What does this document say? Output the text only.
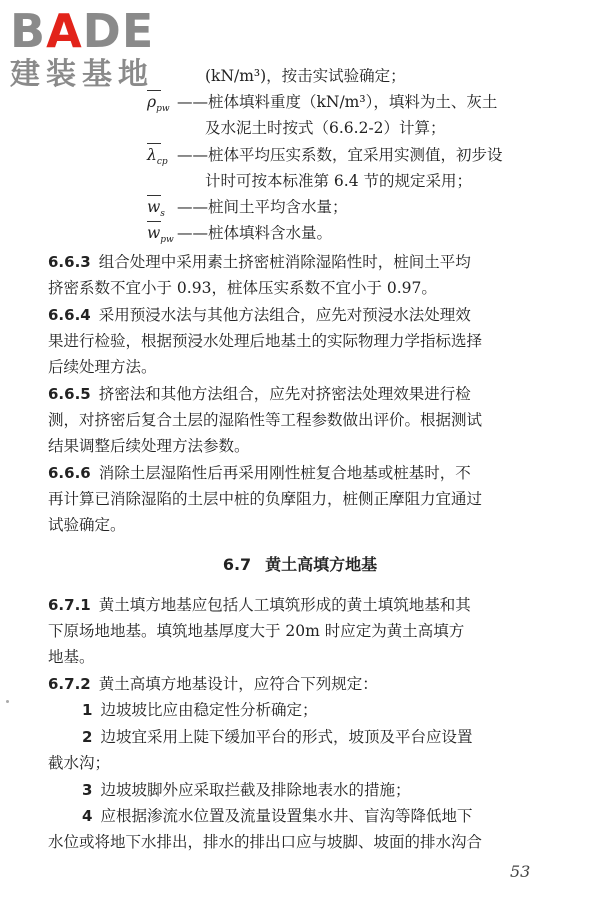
BADE
建装基地	(kN/m³)，按击实试验确定；
$\rho_{pw}$ ——桩体填料重度（kN/m³），填料为土、灰土
及水泥土时按式（6.6.2-2）计算；
$\lambda_{cp}$ ——桩体平均压实系数，宜采用实测值，初步设
计时可按本标准第 6.4 节的规定采用；
$w_s$ ——桩间土平均含水量；
$w_{pw}$ ——桩体填料含水量。
6.6.3 组合处理中采用素土挤密桩消除湿陷性时，桩间土平均
挤密系数不宜小于 0.93，桩体压实系数不宜小于 0.97。
6.6.4 采用预浸水法与其他方法组合，应先对预浸水法处理效
果进行检验，根据预浸水处理后地基土的实际物理力学指标选择
后续处理方法。
6.6.5 挤密法和其他方法组合，应先对挤密法处理效果进行检
测，对挤密后复合土层的湿陷性等工程参数做出评价。根据测试
结果调整后续处理方法参数。
6.6.6 消除土层湿陷性后再采用刚性桩复合地基或桩基时，不
再计算已消除湿陷的土层中桩的负摩阻力，桩侧正摩阻力宜通过
试验确定。
6.7 黄土高填方地基
6.7.1 黄土填方地基应包括人工填筑形成的黄土填筑地基和其
下原场地地基。填筑地基厚度大于 20m 时应定为黄土高填方
地基。
6.7.2 黄土高填方地基设计，应符合下列规定：
1 边坡坡比应由稳定性分析确定；
2 边坡宜采用上陡下缓加平台的形式，坡顶及平台应设置
截水沟；
3 边坡坡脚外应采取拦截及排除地表水的措施；
4 应根据渗流水位置及流量设置集水井、盲沟等降低地下
水位或将地下水排出，排水的排出口应与坡脚、坡面的排水沟合
53
